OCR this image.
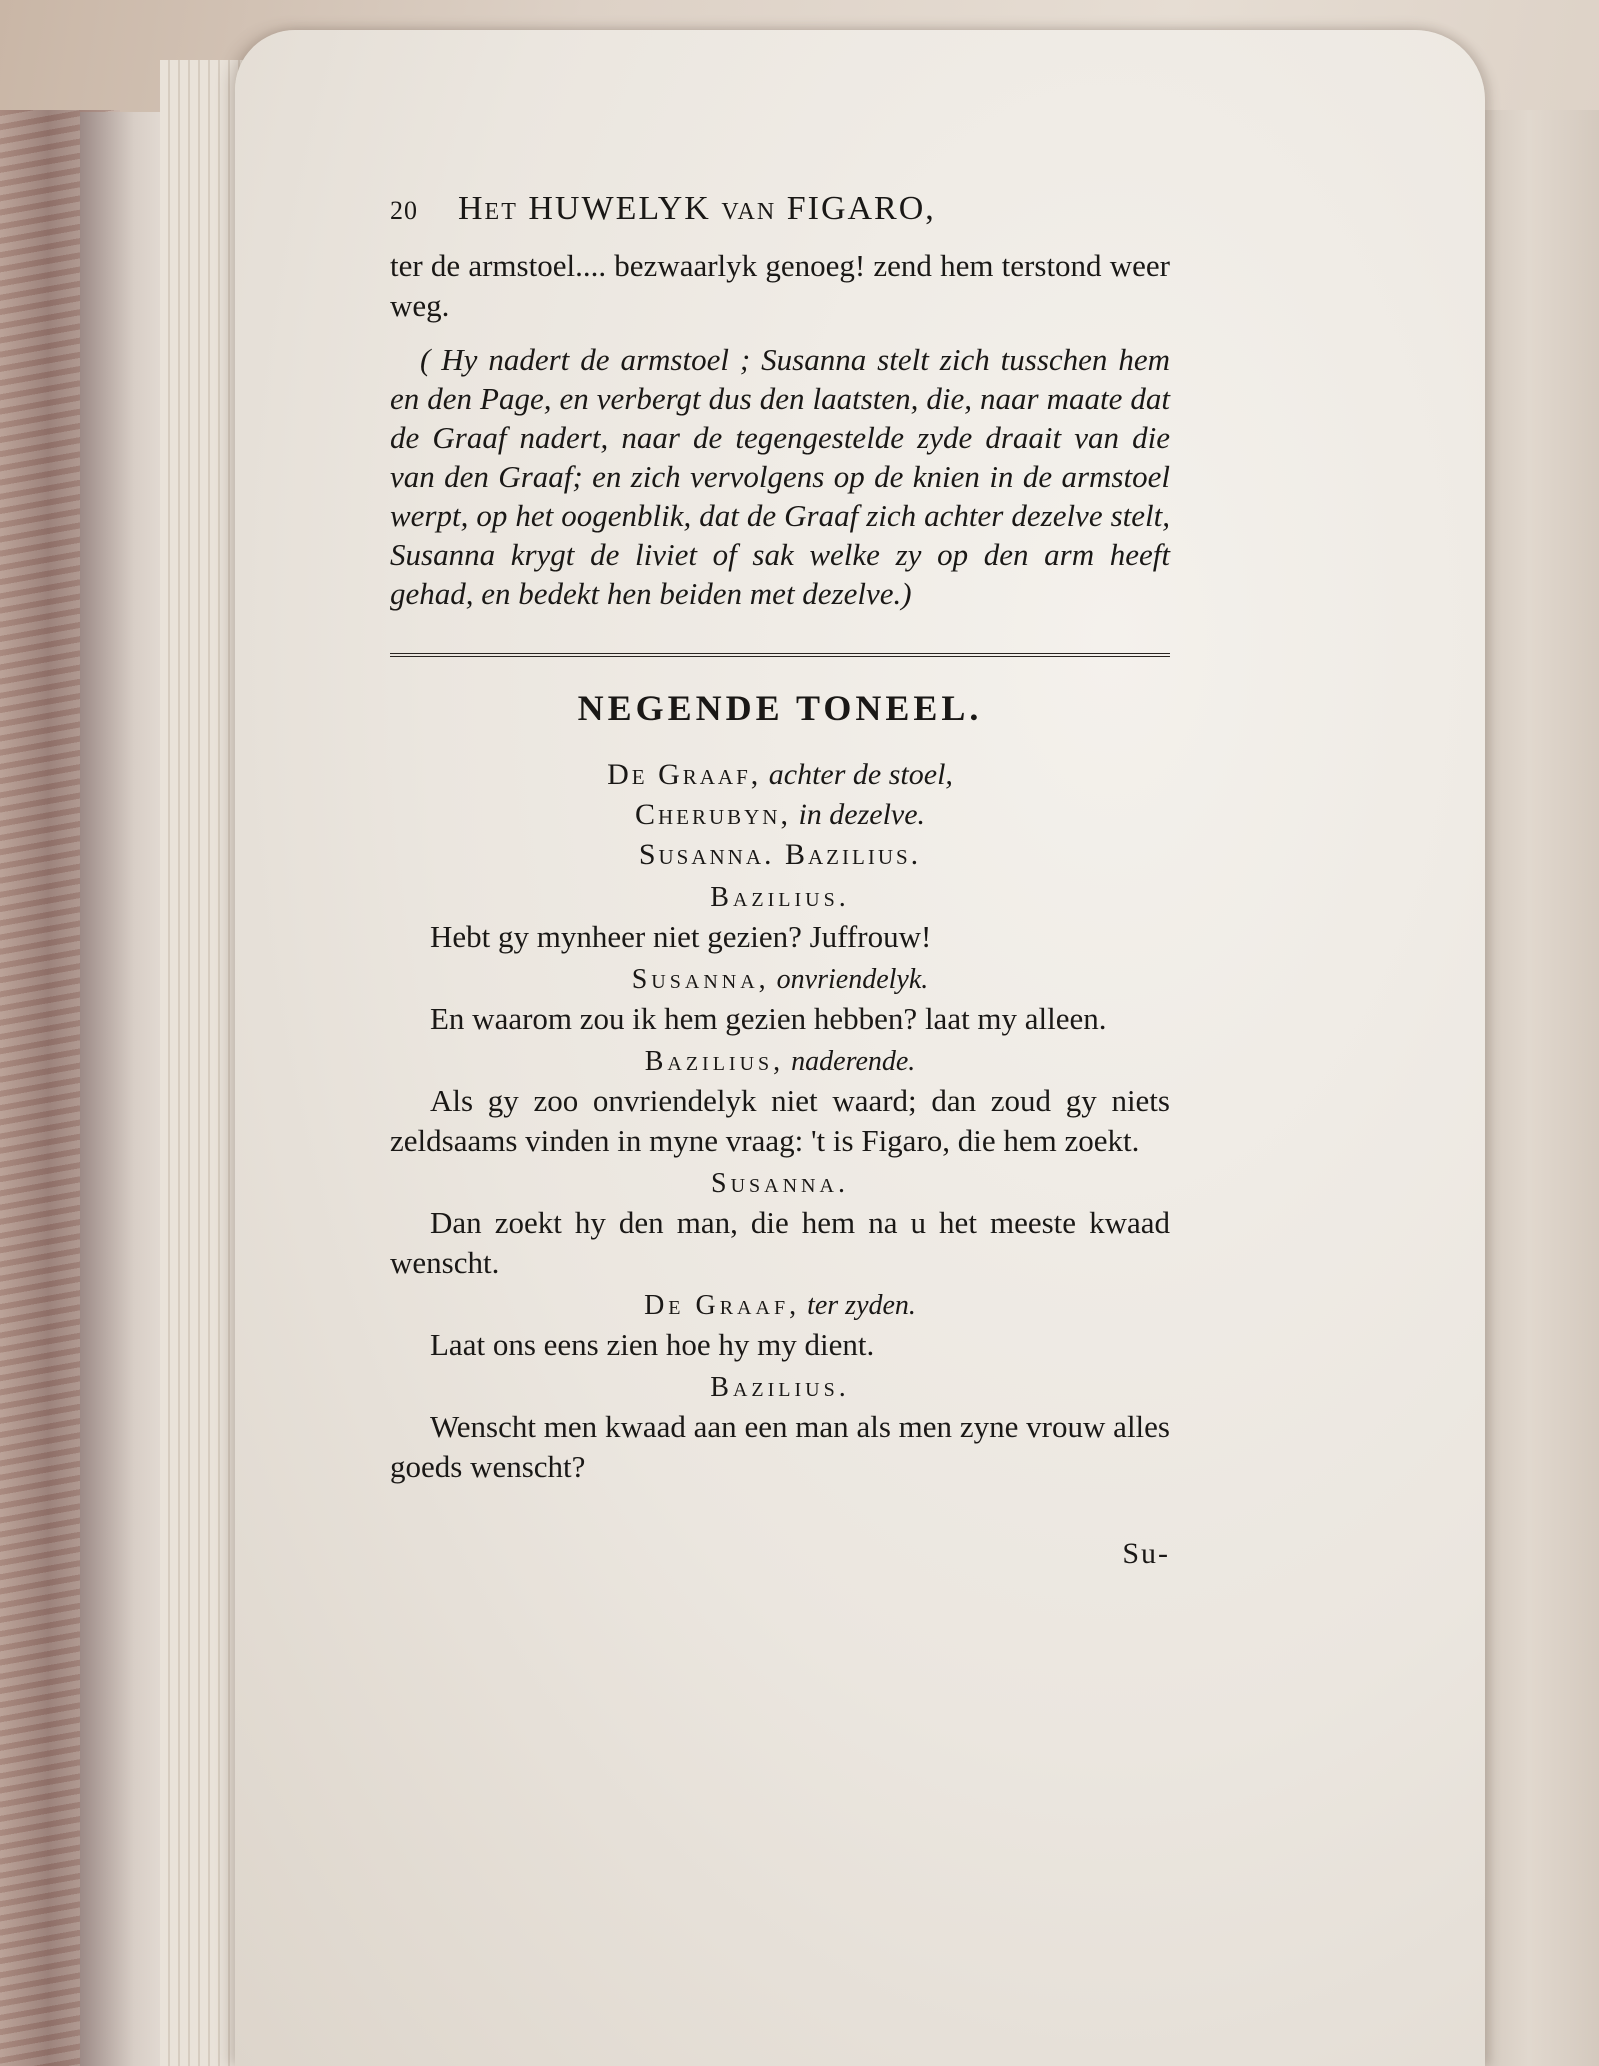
20 Het HUWELYK van FIGARO,

ter de armstoel.... bezwaarlyk genoeg! zend hem terstond weer weg.

( Hy nadert de armstoel ; Susanna stelt zich tusschen hem en den Page, en verbergt dus den laatsten, die, naar maate dat de Graaf nadert, naar de tegengestelde zyde draait van die van den Graaf; en zich vervolgens op de knien in de armstoel werpt, op het oogenblik, dat de Graaf zich achter dezelve stelt, Susanna krygt de liviet of sak welke zy op den arm heeft gehad, en bedekt hen beiden met dezelve.)

NEGENDE TONEEL.

De Graaf, achter de stoel,

Cherubyn, in dezelve.

Susanna. Bazilius.

Bazilius.

Hebt gy mynheer niet gezien? Juffrouw!

Susanna, onvriendelyk.

En waarom zou ik hem gezien hebben? laat my alleen.

Bazilius, naderende.

Als gy zoo onvriendelyk niet waard; dan zoud gy niets zeldsaams vinden in myne vraag: 't is Figaro, die hem zoekt.

Susanna.

Dan zoekt hy den man, die hem na u het meeste kwaad wenscht.

De Graaf, ter zyden.

Laat ons eens zien hoe hy my dient.

Bazilius.

Wenscht men kwaad aan een man als men zyne vrouw alles goeds wenscht?

Su-
